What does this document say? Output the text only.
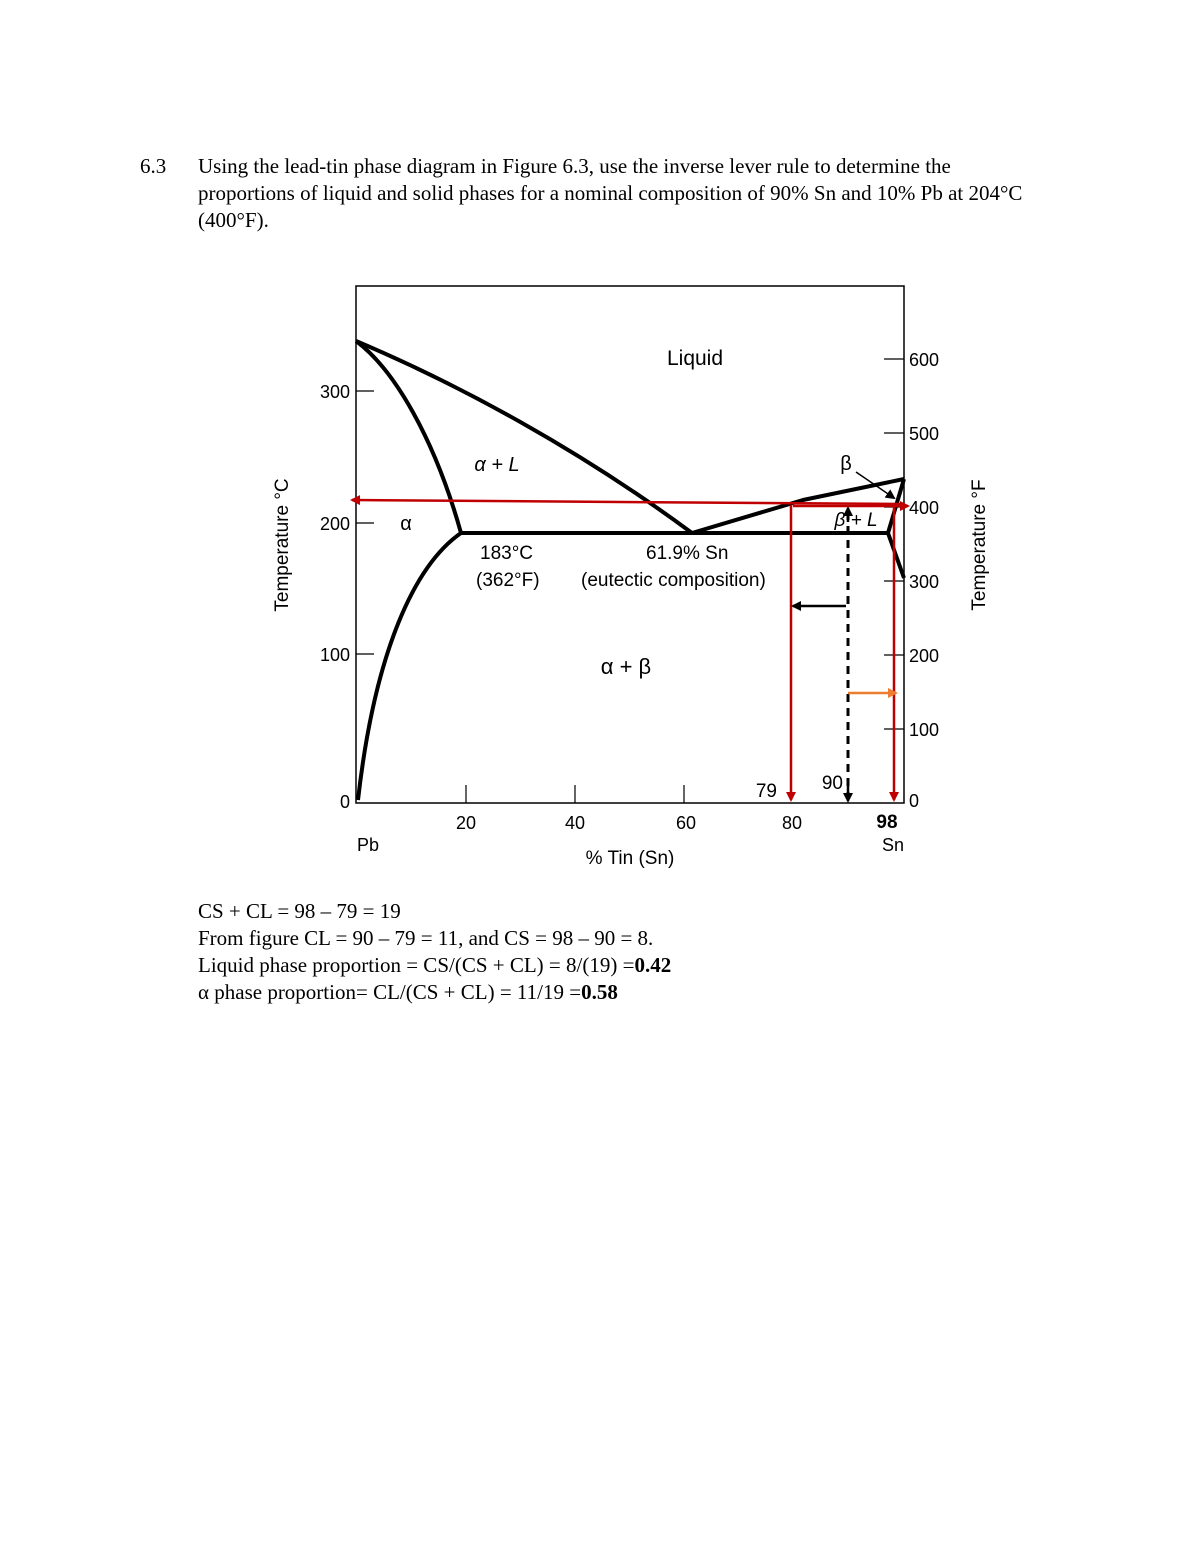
6.3 Using the lead-tin phase diagram in Figure 6.3, use the inverse lever rule to determine the proportions of liquid and solid phases for a nominal composition of 90% Sn and 10% Pb at 204°C (400°F).
0
100
200
300
Temperature °C
0
100
200
300
400
500
600
Temperature °F
20	40	60	80
Pb
98
Sn
% Tin (Sn)
Liquid
α + L
α
β
β + L
α + β
183°C
(362°F)
61.9% Sn
(eutectic composition)
79 90
CS + CL = 98 – 79 = 19
From figure CL = 90 – 79 = 11, and CS = 98 – 90 = 8.
Liquid phase proportion = CS/(CS + CL) = 8/(19) =0.42
α phase proportion= CL/(CS + CL) = 11/19 =0.58
